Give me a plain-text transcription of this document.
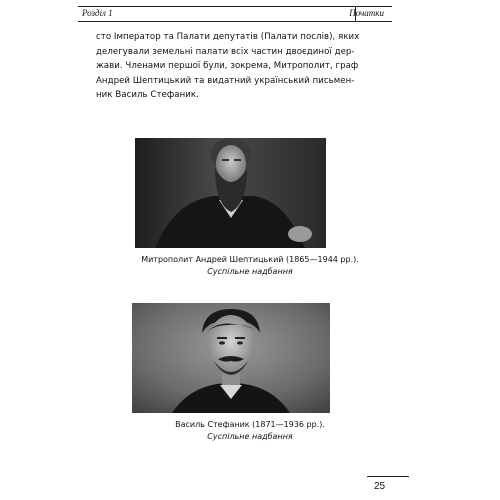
Розділ 1	Початки
сто Імператор та Палати депутатів (Палати послів), яких
делегували земельні палати всіх частин двоєдиної дер-
жави. Членами першої були, зокрема, Митрополит, граф
Андрей Шептицький та видатний український письмен-
ник Василь Стефаник.
Митрополит Андрей Шептицький (1865—1944 рр.).
Суспільне надбання
Василь Стефаник (1871—1936 рр.).
Суспільне надбання
25
